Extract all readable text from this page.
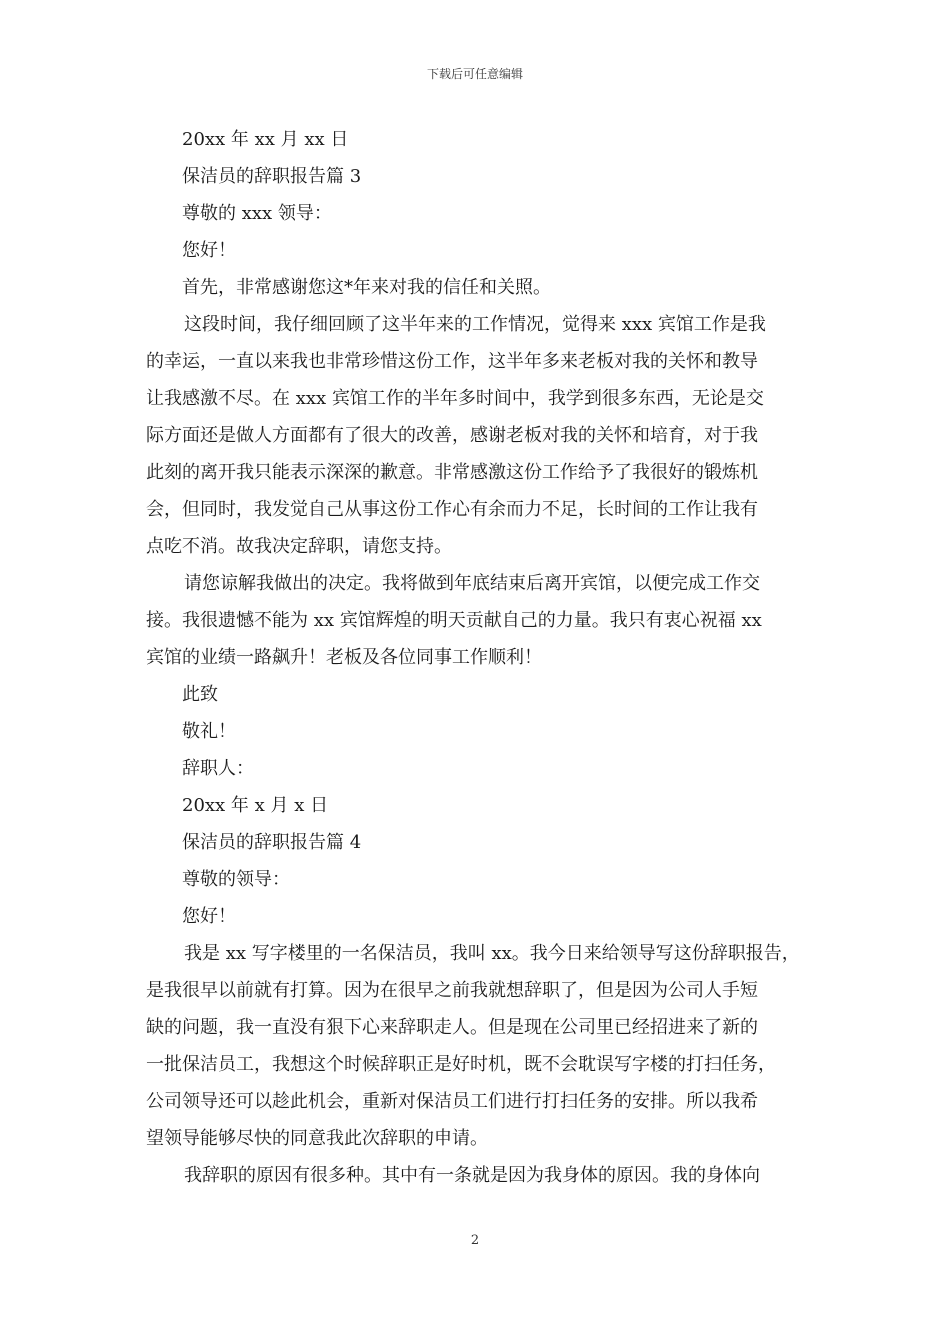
下载后可任意编辑
20xx 年 xx 月 xx 日
保洁员的辞职报告篇 3
尊敬的 xxx 领导：
您好！
首先，非常感谢您这*年来对我的信任和关照。
这段时间，我仔细回顾了这半年来的工作情况，觉得来 xxx 宾馆工作是我
的幸运，一直以来我也非常珍惜这份工作，这半年多来老板对我的关怀和教导
让我感激不尽。在 xxx 宾馆工作的半年多时间中，我学到很多东西，无论是交
际方面还是做人方面都有了很大的改善，感谢老板对我的关怀和培育，对于我
此刻的离开我只能表示深深的歉意。非常感激这份工作给予了我很好的锻炼机
会，但同时，我发觉自己从事这份工作心有余而力不足，长时间的工作让我有
点吃不消。故我决定辞职，请您支持。
请您谅解我做出的决定。我将做到年底结束后离开宾馆，以便完成工作交
接。我很遗憾不能为 xx 宾馆辉煌的明天贡献自己的力量。我只有衷心祝福 xx
宾馆的业绩一路飙升！老板及各位同事工作顺利！
此致
敬礼！
辞职人：
20xx 年 x 月 x 日
保洁员的辞职报告篇 4
尊敬的领导：
您好！
我是 xx 写字楼里的一名保洁员，我叫 xx。我今日来给领导写这份辞职报告，
是我很早以前就有打算。因为在很早之前我就想辞职了，但是因为公司人手短
缺的问题，我一直没有狠下心来辞职走人。但是现在公司里已经招进来了新的
一批保洁员工，我想这个时候辞职正是好时机，既不会耽误写字楼的打扫任务，
公司领导还可以趁此机会，重新对保洁员工们进行打扫任务的安排。所以我希
望领导能够尽快的同意我此次辞职的申请。
我辞职的原因有很多种。其中有一条就是因为我身体的原因。我的身体向
2
